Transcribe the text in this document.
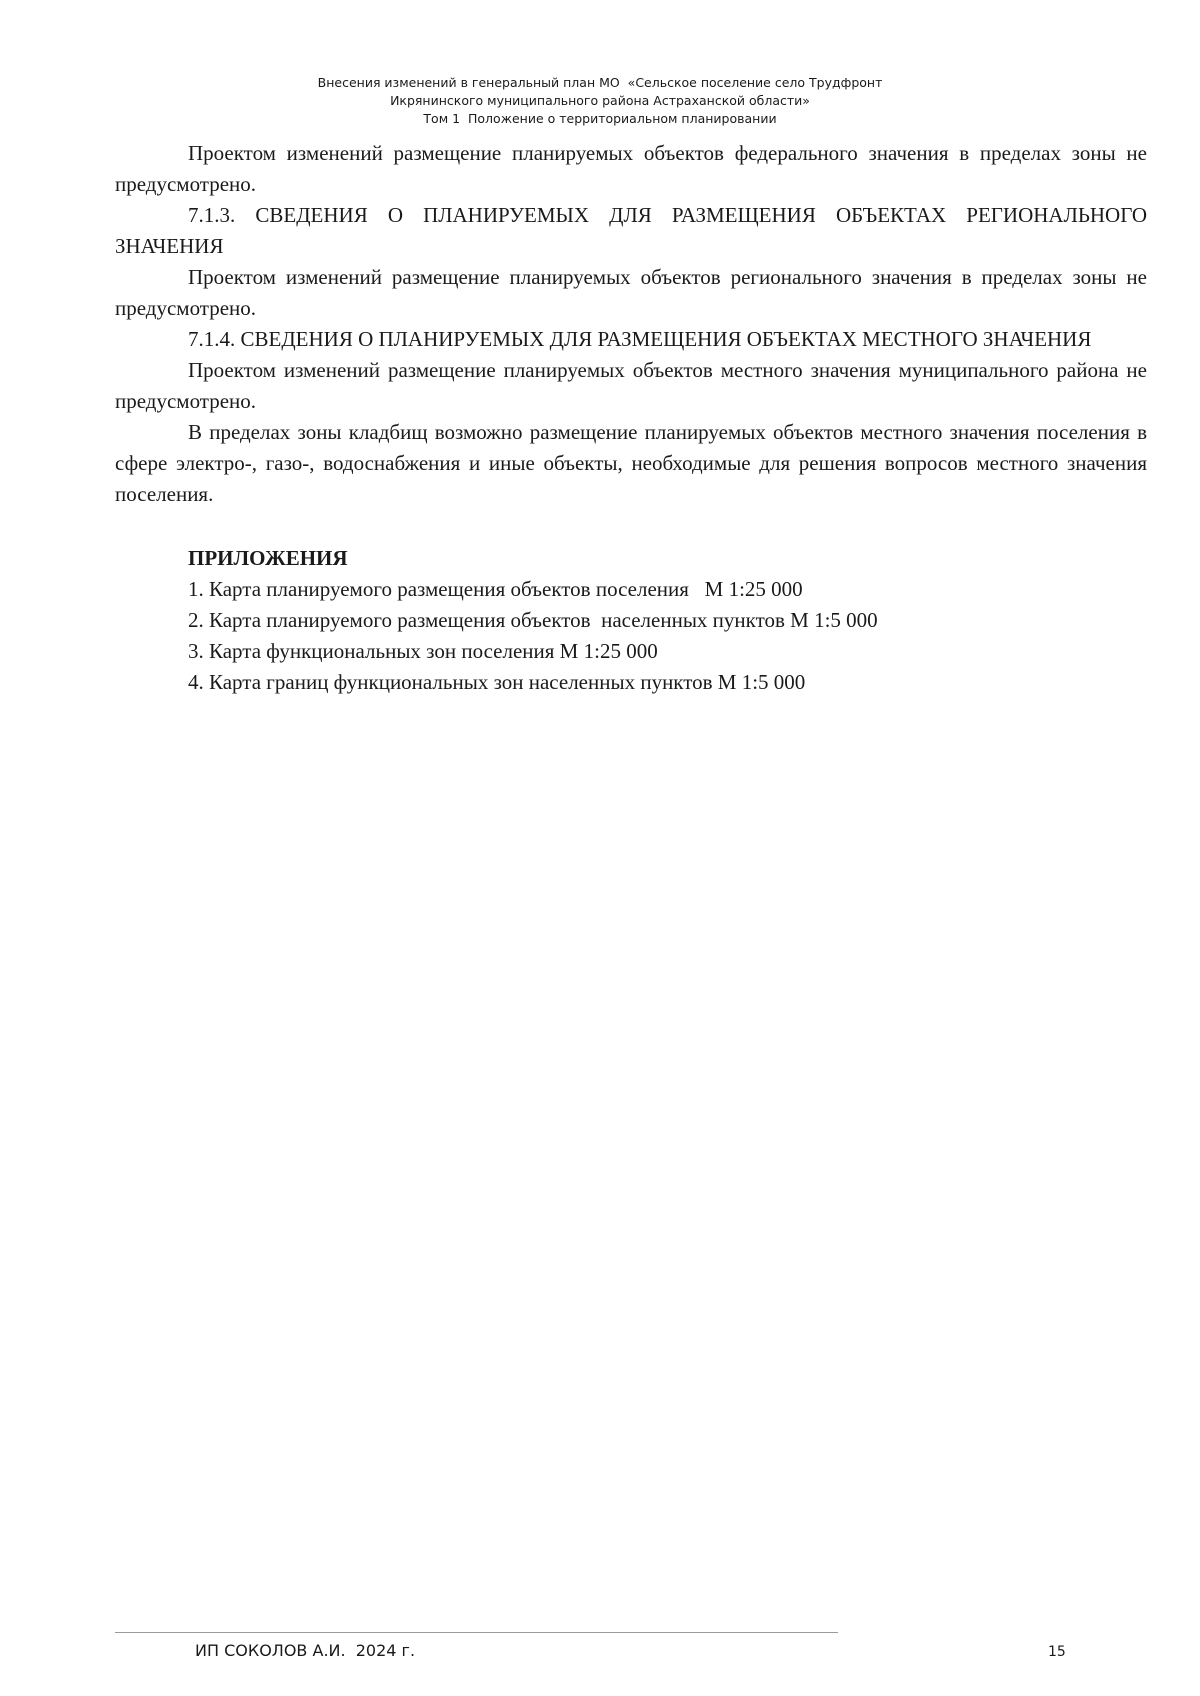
Внесения изменений в генеральный план МО  «Сельское поселение село Трудфронт
Икрянинского муниципального района Астраханской области»
Том 1  Положение о территориальном планировании

Проектом изменений размещение планируемых объектов федерального значения в пределах зоны не предусмотрено.

7.1.3. СВЕДЕНИЯ О ПЛАНИРУЕМЫХ ДЛЯ РАЗМЕЩЕНИЯ ОБЪЕКТАХ РЕГИОНАЛЬНОГО ЗНАЧЕНИЯ

Проектом изменений размещение планируемых объектов регионального значения в пределах зоны не предусмотрено.

7.1.4. СВЕДЕНИЯ О ПЛАНИРУЕМЫХ ДЛЯ РАЗМЕЩЕНИЯ ОБЪЕКТАХ МЕСТНОГО ЗНАЧЕНИЯ

Проектом изменений размещение планируемых объектов местного значения муниципального района не предусмотрено.

В пределах зоны кладбищ возможно размещение планируемых объектов местного значения поселения в сфере электро-, газо-, водоснабжения и иные объекты, необходимые для решения вопросов местного значения поселения.

ПРИЛОЖЕНИЯ

1. Карта планируемого размещения объектов поселения   М 1:25 000

2. Карта планируемого размещения объектов  населенных пунктов М 1:5 000

3. Карта функциональных зон поселения М 1:25 000

4. Карта границ функциональных зон населенных пунктов М 1:5 000

ИП СОКОЛОВ А.И.  2024 г.	15
